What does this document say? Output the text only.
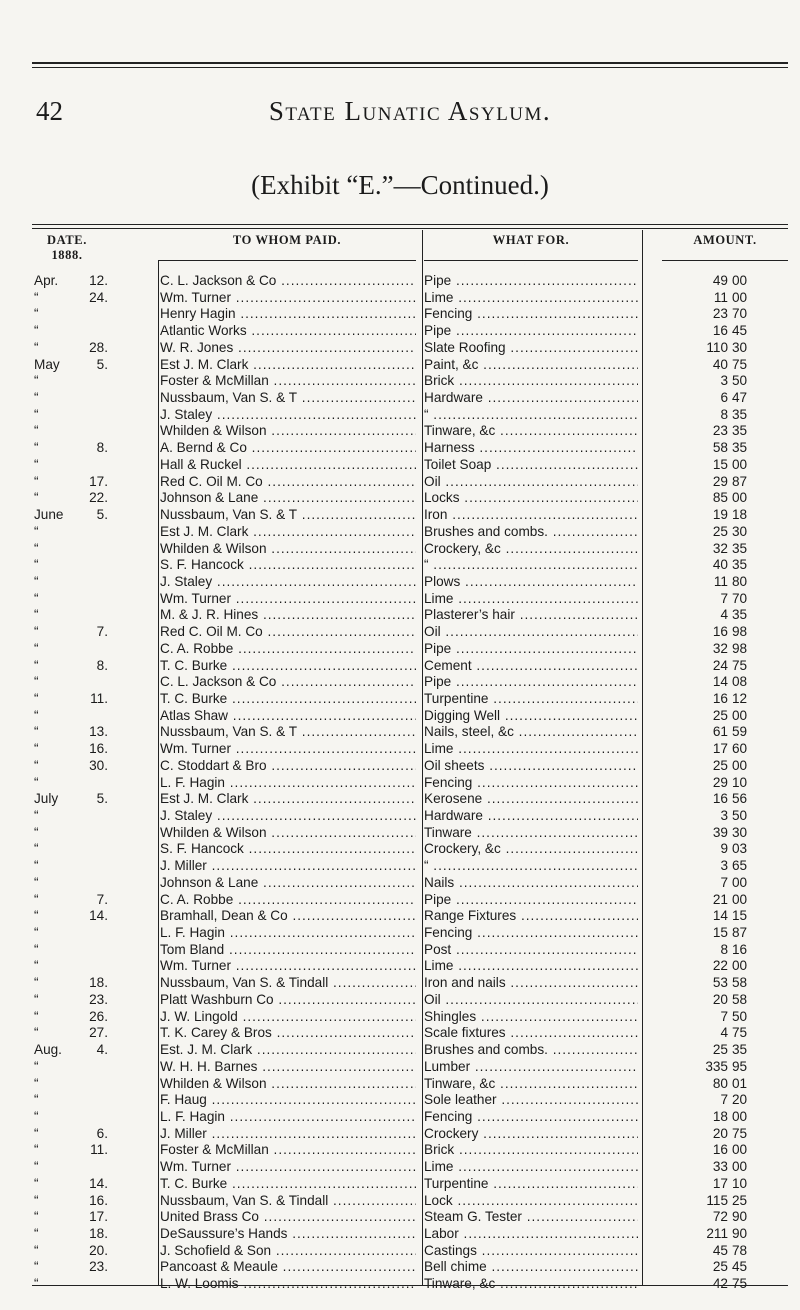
42	State Lunatic Asylum.
(Exhibit “E.”—Continued.)
DATE.
1888.
TO WHOM PAID.	WHAT FOR.	AMOUNT.
Apr.	12.	C. L. Jackson & Co .....	Pipe .....	49 00
“	24.	Wm. Turner .....	Lime .....	11 00
“	Henry Hagin .....	Fencing .....	23 70
“	Atlantic Works .....	Pipe .....	16 45
“	28.	W. R. Jones .....	Slate Roofing .....	110 30
May	5.	Est J. M. Clark .....	Paint, &c .....	40 75
“	Foster & McMillan .....	Brick .....	3 50
“	Nussbaum, Van S. & T .....	Hardware .....	6 47
“	J. Staley .....	“ .....	8 35
“	Whilden & Wilson .....	Tinware, &c .....	23 35
“	8.	A. Bernd & Co .....	Harness .....	58 35
“	Hall & Ruckel .....	Toilet Soap .....	15 00
“	17.	Red C. Oil M. Co .....	Oil .....	29 87
“	22.	Johnson & Lane .....	Locks .....	85 00
June	5.	Nussbaum, Van S. & T .....	Iron .....	19 18
“	Est J. M. Clark .....	Brushes and combs. .....	25 30
“	Whilden & Wilson .....	Crockery, &c .....	32 35
“	S. F. Hancock .....	“ .....	40 35
“	J. Staley .....	Plows .....	11 80
“	Wm. Turner .....	Lime .....	7 70
“	M. & J. R. Hines .....	Plasterer’s hair .....	4 35
“	7.	Red C. Oil M. Co .....	Oil .....	16 98
“	C. A. Robbe .....	Pipe .....	32 98
“	8.	T. C. Burke .....	Cement .....	24 75
“	C. L. Jackson & Co .....	Pipe .....	14 08
“	11.	T. C. Burke .....	Turpentine .....	16 12
“	Atlas Shaw .....	Digging Well .....	25 00
“	13.	Nussbaum, Van S. & T .....	Nails, steel, &c .....	61 59
“	16.	Wm. Turner .....	Lime .....	17 60
“	30.	C. Stoddart & Bro .....	Oil sheets .....	25 00
“	L. F. Hagin .....	Fencing .....	29 10
July	5.	Est J. M. Clark .....	Kerosene .....	16 56
“	J. Staley .....	Hardware .....	3 50
“	Whilden & Wilson .....	Tinware .....	39 30
“	S. F. Hancock .....	Crockery, &c .....	9 03
“	J. Miller .....	“ .....	3 65
“	Johnson & Lane .....	Nails .....	7 00
“	7.	C. A. Robbe .....	Pipe .....	21 00
“	14.	Bramhall, Dean & Co .....	Range Fixtures .....	14 15
“	L. F. Hagin .....	Fencing .....	15 87
“	Tom Bland .....	Post .....	8 16
“	Wm. Turner .....	Lime .....	22 00
“	18.	Nussbaum, Van S. & Tindall .....	Iron and nails .....	53 58
“	23.	Platt Washburn Co .....	Oil .....	20 58
“	26.	J. W. Lingold .....	Shingles .....	7 50
“	27.	T. K. Carey & Bros .....	Scale fixtures .....	4 75
Aug.	4.	Est. J. M. Clark .....	Brushes and combs. .....	25 35
“	W. H. H. Barnes .....	Lumber .....	335 95
“	Whilden & Wilson .....	Tinware, &c .....	80 01
“	F. Haug .....	Sole leather .....	7 20
“	L. F. Hagin .....	Fencing .....	18 00
“	6.	J. Miller .....	Crockery .....	20 75
“	11.	Foster & McMillan .....	Brick .....	16 00
“	Wm. Turner .....	Lime .....	33 00
“	14.	T. C. Burke .....	Turpentine .....	17 10
“	16.	Nussbaum, Van S. & Tindall .....	Lock .....	115 25
“	17.	United Brass Co .....	Steam G. Tester .....	72 90
“	18.	DeSaussure’s Hands .....	Labor .....	211 90
“	20.	J. Schofield & Son .....	Castings .....	45 78
“	23.	Pancoast & Meaule .....	Bell chime .....	25 45
“	L. W. Loomis .....	Tinware, &c .....	42 75
